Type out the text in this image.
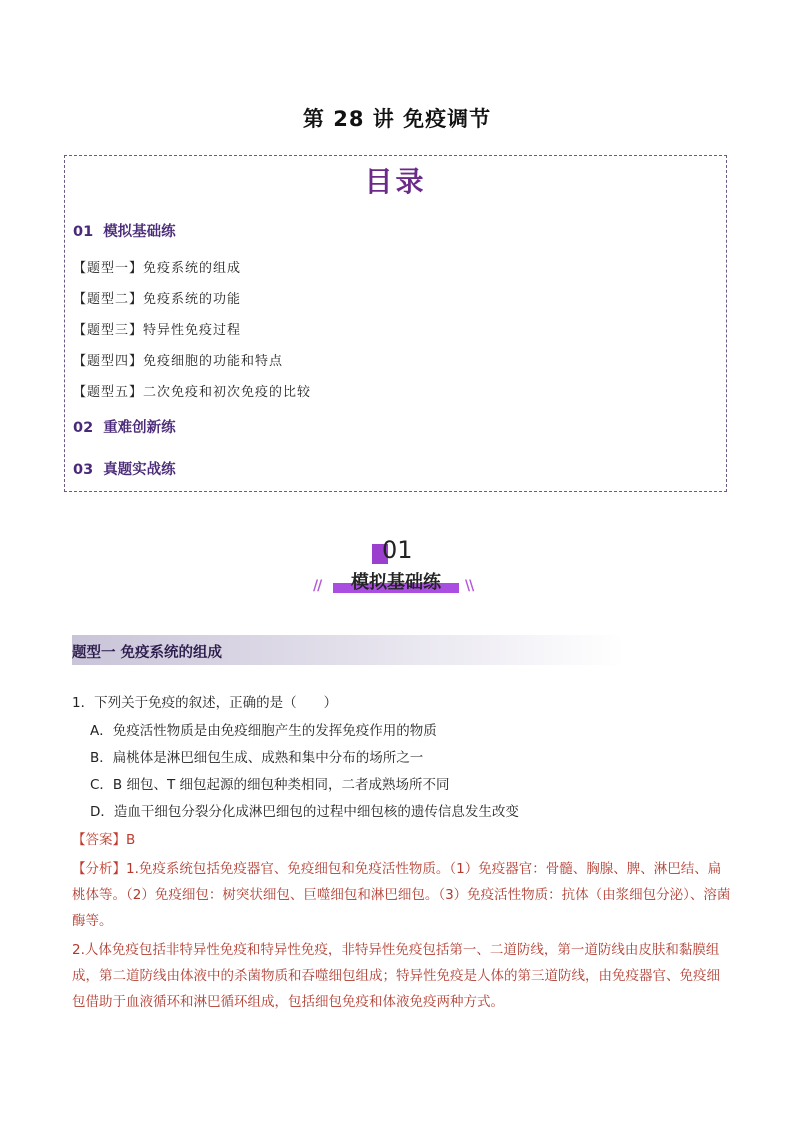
第 28 讲 免疫调节
目录
01 模拟基础练
【题型一】免疫系统的组成
【题型二】免疫系统的功能
【题型三】特异性免疫过程
【题型四】免疫细胞的功能和特点
【题型五】二次免疫和初次免疫的比较
02 重难创新练
03 真题实战练
01
//	模拟基础练	\\
题型一 免疫系统的组成
1．下列关于免疫的叙述，正确的是（　　）
A．免疫活性物质是由免疫细胞产生的发挥免疫作用的物质
B．扁桃体是淋巴细包生成、成熟和集中分布的场所之一
C．B 细包、T 细包起源的细包种类相同，二者成熟场所不同
D．造血干细包分裂分化成淋巴细包的过程中细包核的遗传信息发生改变
【答案】B
【分析】1.免疫系统包括免疫器官、免疫细包和免疫活性物质。（1）免疫器官：骨髓、胸腺、脾、淋巴结、扁桃体等。（2）免疫细包：树突状细包、巨噬细包和淋巴细包。（3）免疫活性物质：抗体（由浆细包分泌）、溶菌酶等。
2.人体免疫包括非特异性免疫和特异性免疫，非特异性免疫包括第一、二道防线，第一道防线由皮肤和黏膜组成，第二道防线由体液中的杀菌物质和吞噬细包组成；特异性免疫是人体的第三道防线，由免疫器官、免疫细包借助于血液循环和淋巴循环组成，包括细包免疫和体液免疫两种方式。
